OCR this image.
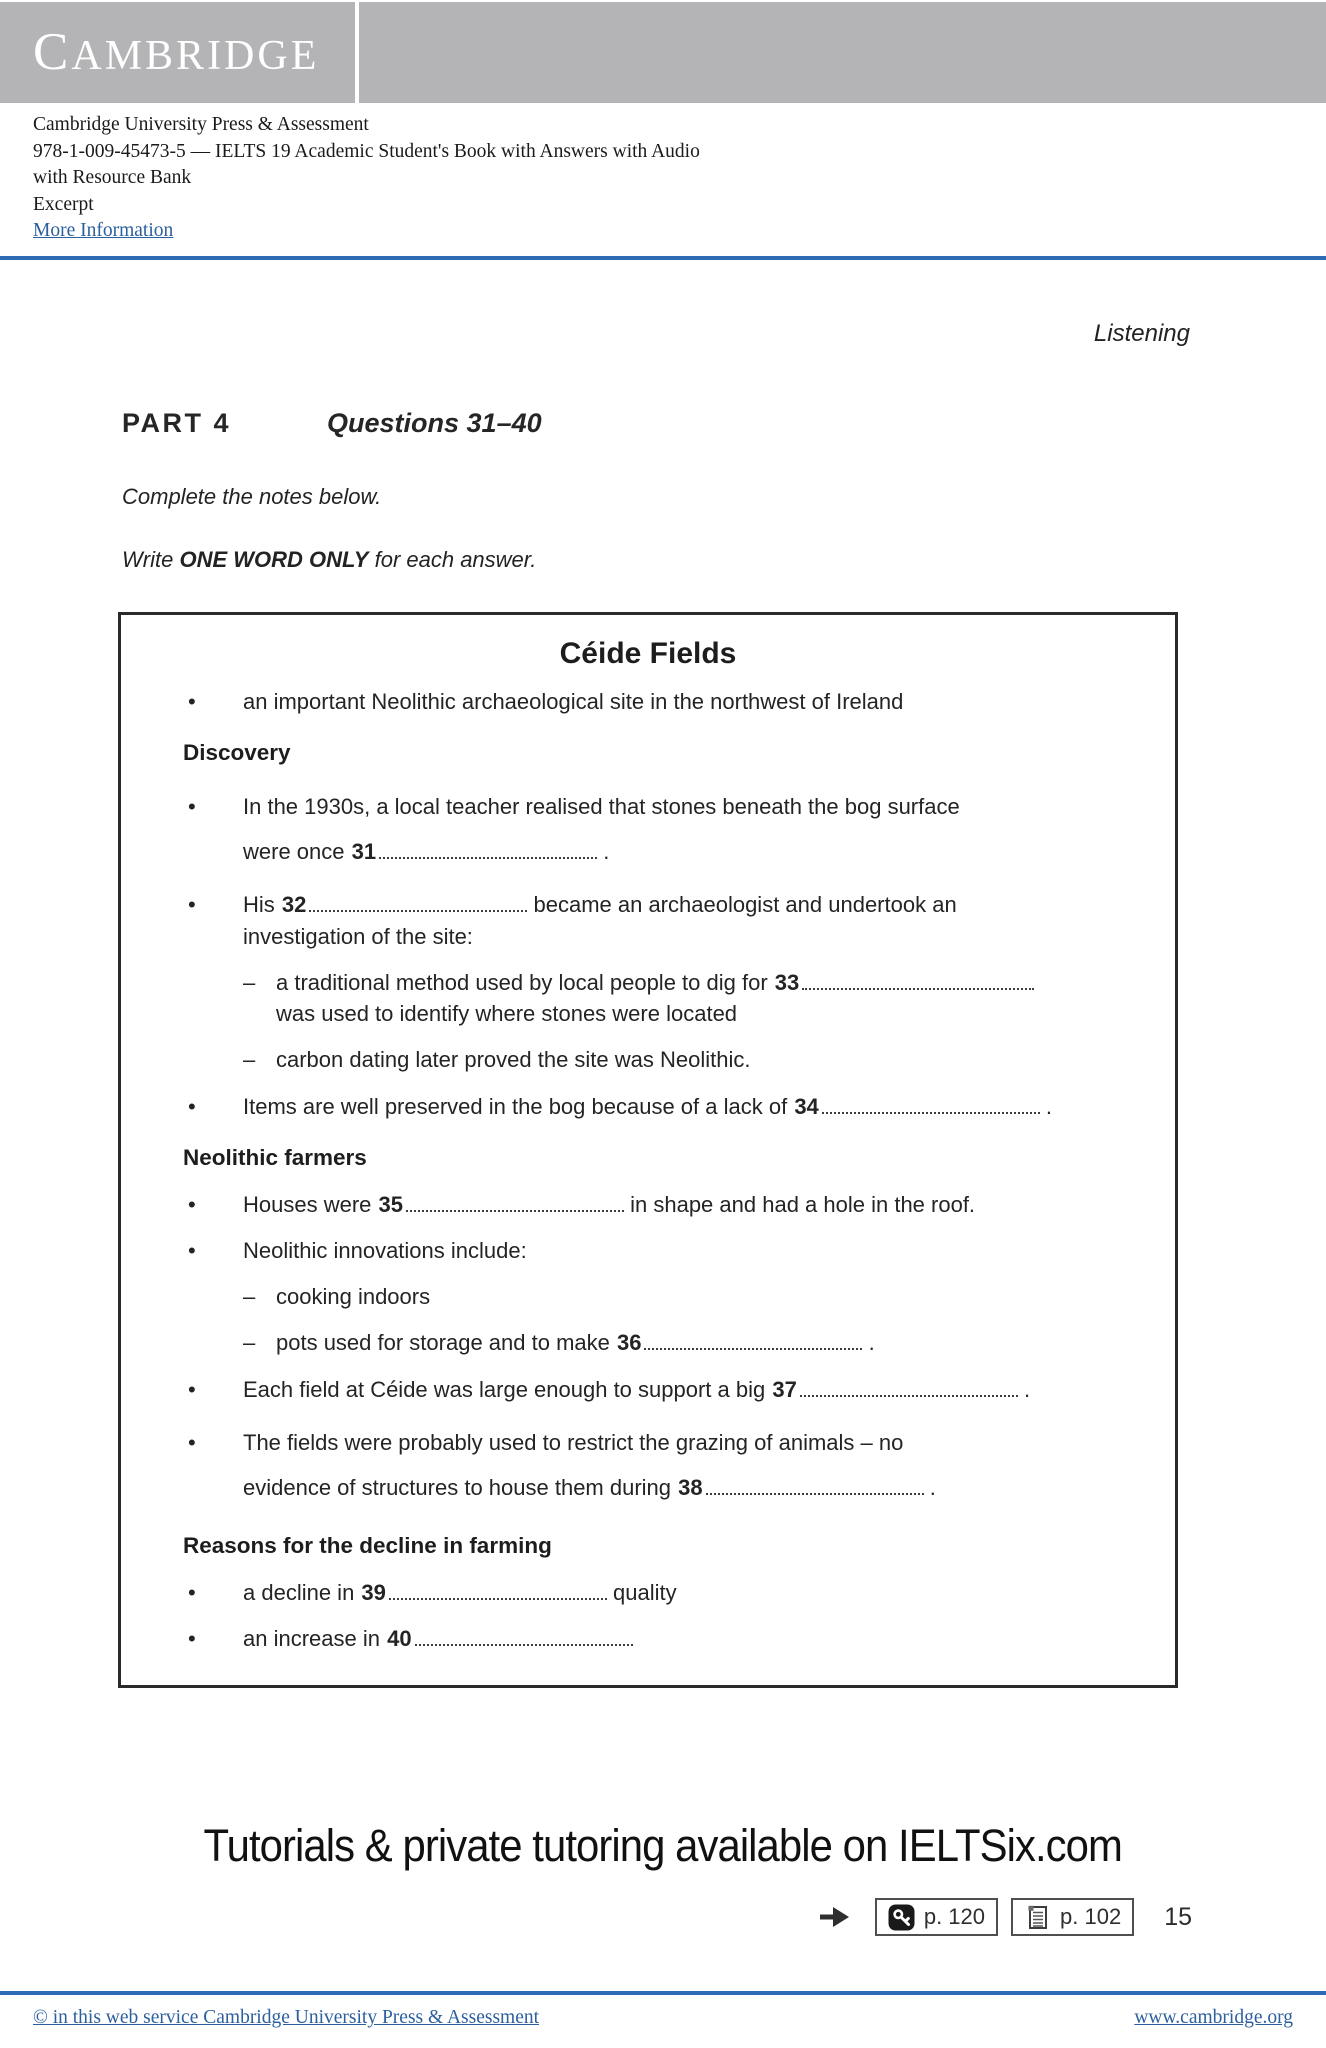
CAMBRIDGE
Cambridge University Press & Assessment
978-1-009-45473-5 — IELTS 19 Academic Student's Book with Answers with Audio
with Resource Bank
Excerpt
More Information
Listening
PART 4	Questions 31–40
Complete the notes below.
Write ONE WORD ONLY for each answer.
Céide Fields
• an important Neolithic archaeological site in the northwest of Ireland
Discovery
• In the 1930s, a local teacher realised that stones beneath the bog surface
were once 31	.
• His 32	became an archaeologist and undertook an
investigation of the site:
– a traditional method used by local people to dig for 33
was used to identify where stones were located
– carbon dating later proved the site was Neolithic.
• Items are well preserved in the bog because of a lack of 34	.
Neolithic farmers
• Houses were 35	in shape and had a hole in the roof.
• Neolithic innovations include:
– cooking indoors
– pots used for storage and to make 36	.
• Each field at Céide was large enough to support a big 37	.
• The fields were probably used to restrict the grazing of animals – no
evidence of structures to house them during 38	.
Reasons for the decline in farming
• a decline in 39	quality
• an increase in 40
Tutorials & private tutoring available on IELTSix.com
p. 120	p. 102 15
© in this web service Cambridge University Press & Assessment	www.cambridge.org
